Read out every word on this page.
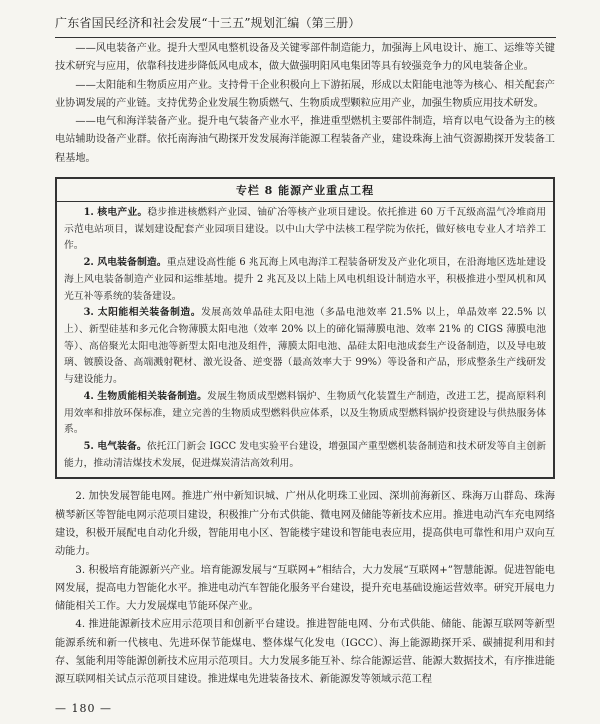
广东省国民经济和社会发展“十三五”规划汇编（第三册）

——风电装备产业。提升大型风电整机设备及关键零部件制造能力，加强海上风电设计、施工、运维等关键技术研究与应用，依靠科技进步降低风电成本，做大做强明阳风电集团等具有较强竞争力的风电装备企业。

——太阳能和生物质应用产业。支持骨干企业积极向上下游拓展，形成以太阳能电池等为核心、相关配套产业协调发展的产业链。支持优势企业发展生物质燃气、生物质成型颗粒应用产业，加强生物质应用技术研发。

——电气和海洋装备产业。提升电气装备产业水平，推进重型燃机主要部件制造，培育以电气设备为主的核电站辅助设备产业群。依托南海油气勘探开发发展海洋能源工程装备产业，建设珠海上油气资源勘探开发装备工程基地。

专栏 8 能源产业重点工程

1. 核电产业。稳步推进核燃料产业园、铀矿冶等核产业项目建设。依托推进 60 万千瓦级高温气冷堆商用示范电站项目，谋划建设配套产业园项目建设。以中山大学中法核工程学院为依托，做好核电专业人才培养工作。

2. 风电装备制造。重点建设高性能 6 兆瓦海上风电海洋工程装备研发及产业化项目，在沿海地区选址建设海上风电装备制造产业园和运维基地。提升 2 兆瓦及以上陆上风电机组设计制造水平，积极推进小型风机和风光互补等系统的装备建设。

3. 太阳能相关装备制造。发展高效单晶硅太阳电池（多晶电池效率 21.5% 以上，单晶效率 22.5% 以上）、新型硅基和多元化合物薄膜太阳电池（效率 20% 以上的碲化镉薄膜电池、效率 21% 的 CIGS 薄膜电池等）、高倍聚光太阳电池等新型太阳电池及组件，薄膜太阳电池、晶硅太阳电池成套生产设备制造，以及导电玻璃、镀膜设备、高端溅射靶材、激光设备、逆变器（最高效率大于 99%）等设备和产品，形成整条生产线研发与建设能力。

4. 生物质能相关装备制造。发展生物质成型燃料锅炉、生物质气化装置生产制造，改进工艺，提高原料利用效率和排放环保标准，建立完善的生物质成型燃料供应体系，以及生物质成型燃料锅炉投资建设与供热服务体系。

5. 电气装备。依托江门新会 IGCC 发电实验平台建设，增强国产重型燃机装备制造和技术研发等自主创新能力，推动清洁煤技术发展，促进煤炭清洁高效利用。

2. 加快发展智能电网。推进广州中新知识城、广州从化明珠工业园、深圳前海新区、珠海万山群岛、珠海横琴新区等智能电网示范项目建设，积极推广分布式供能、微电网及储能等新技术应用。推进电动汽车充电网络建设，积极开展配电自动化升级，智能用电小区、智能楼宇建设和智能电表应用，提高供电可靠性和用户双向互动能力。

3. 积极培育能源新兴产业。培育能源发展与“互联网+”相结合，大力发展“互联网+”智慧能源。促进智能电网发展，提高电力智能化水平。推进电动汽车智能化服务平台建设，提升充电基础设施运营效率。研究开展电力储能相关工作。大力发展煤电节能环保产业。

4. 推进能源新技术应用示范项目和创新平台建设。推进智能电网、分布式供能、储能、能源互联网等新型能源系统和新一代核电、先进环保节能煤电、整体煤气化发电（IGCC）、海上能源勘探开采、碳捕捉利用和封存、氢能利用等能源创新技术应用示范项目。大力发展多能互补、综合能源运营、能源大数据技术，有序推进能源互联网相关试点示范项目建设。推进煤电先进装备技术、新能源发等领域示范工程

— 180 —
